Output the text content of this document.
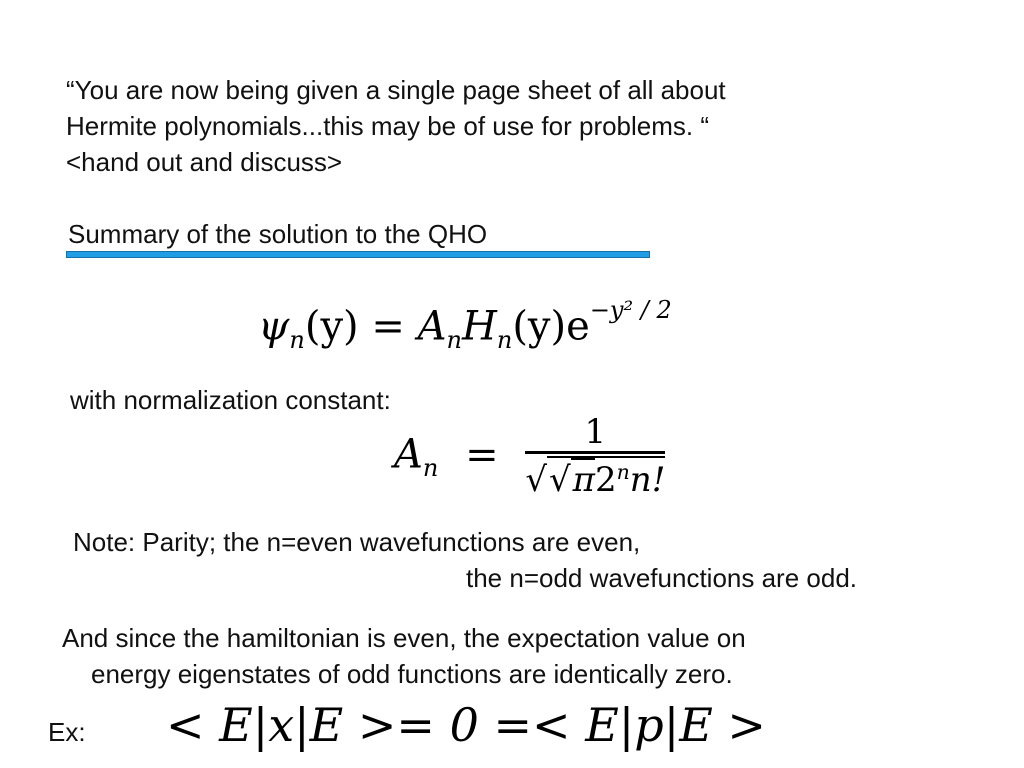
“You are now being given a single page sheet of all about
Hermite polynomials...this may be of use for problems. “
<hand out and discuss>
Summary of the solution to the QHO
$\psi_n(y) = A_nH_n(y)e^{-y^2 / 2}$
with normalization constant:
$A_n = \frac{1}{√√\pi 2^nn!}$
Note: Parity; the n=even wavefunctions are even,
the n=odd wavefunctions are odd.
And since the hamiltonian is even, the expectation value on
energy eigenstates of odd functions are identically zero.
Ex: < E|x|E >= 0 =< E|p|E >
